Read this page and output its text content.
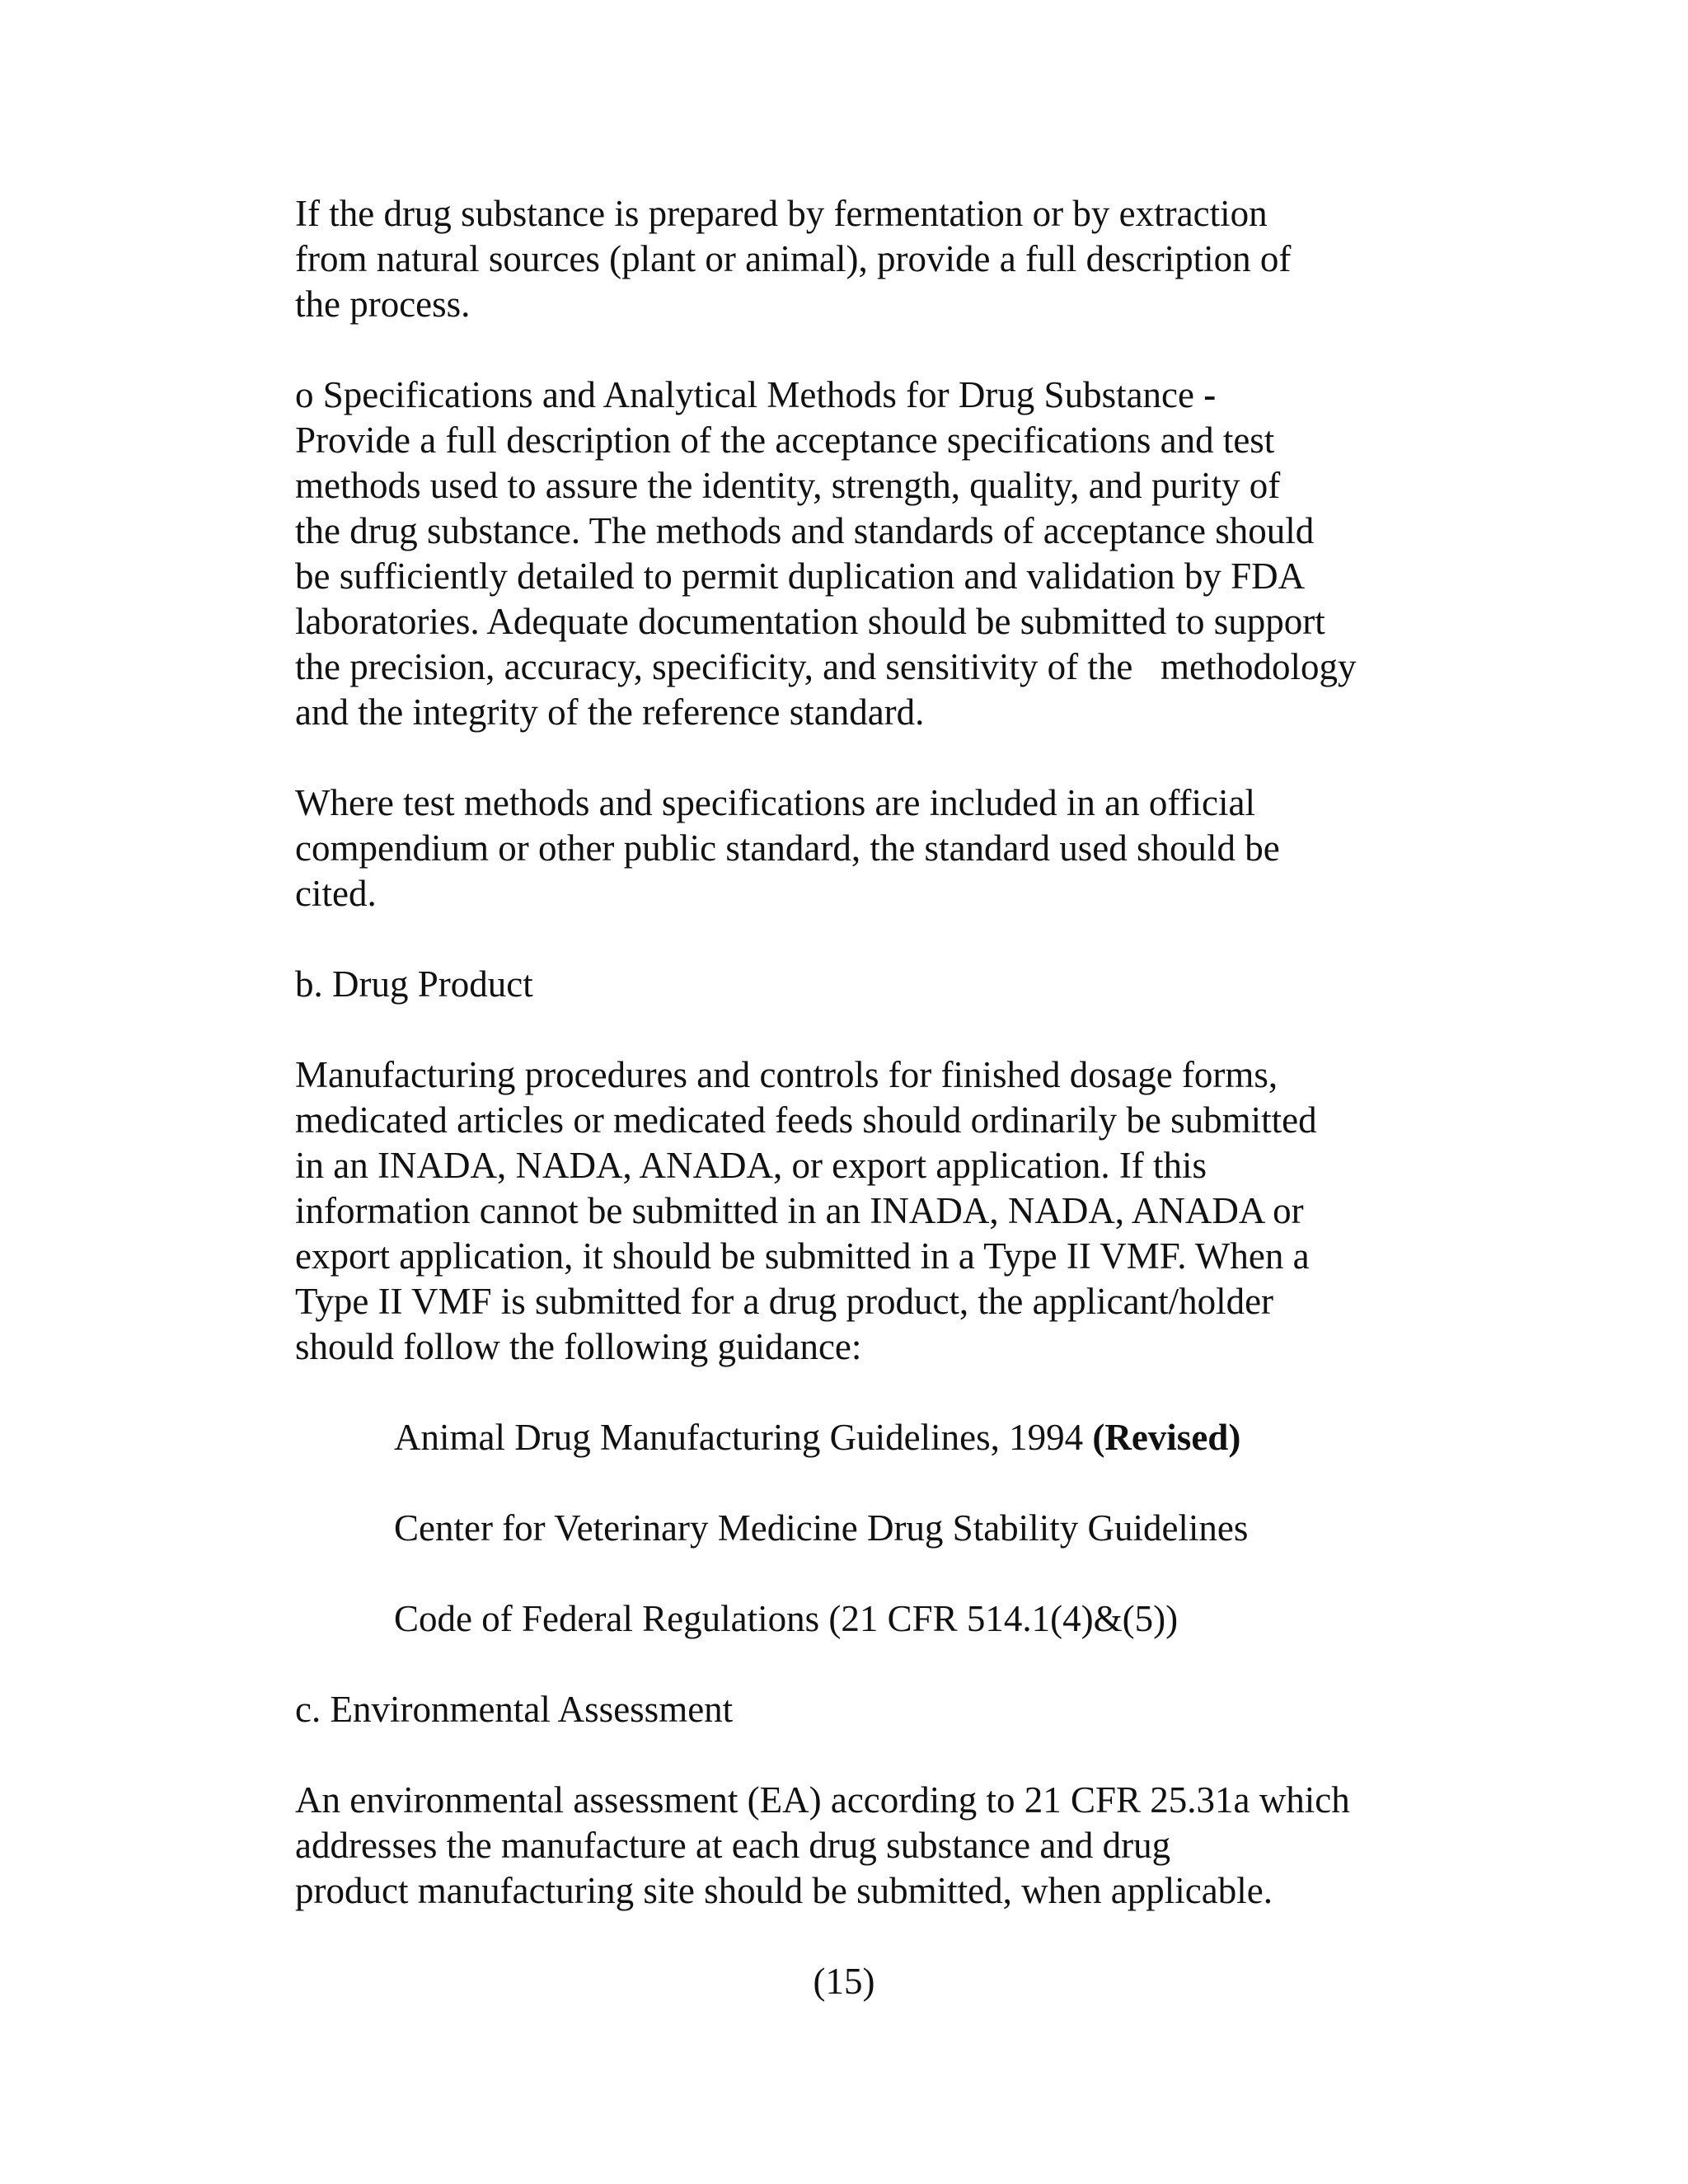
If the drug substance is prepared by fermentation or by extraction
from natural sources (plant or animal), provide a full description of
the process.
o Specifications and Analytical Methods for Drug Substance -
Provide a full description of the acceptance specifications and test
methods used to assure the identity, strength, quality, and purity of
the drug substance. The methods and standards of acceptance should
be sufficiently detailed to permit duplication and validation by FDA
laboratories. Adequate documentation should be submitted to support
the precision, accuracy, specificity, and sensitivity of the   methodology
and the integrity of the reference standard.
Where test methods and specifications are included in an official
compendium or other public standard, the standard used should be
cited.
b. Drug Product
Manufacturing procedures and controls for finished dosage forms,
medicated articles or medicated feeds should ordinarily be submitted
in an INADA, NADA, ANADA, or export application. If this
information cannot be submitted in an INADA, NADA, ANADA or
export application, it should be submitted in a Type II VMF. When a
Type II VMF is submitted for a drug product, the applicant/holder
should follow the following guidance:
Animal Drug Manufacturing Guidelines, 1994 (Revised)
Center for Veterinary Medicine Drug Stability Guidelines
Code of Federal Regulations (21 CFR 514.1(4)&(5))
c. Environmental Assessment
An environmental assessment (EA) according to 21 CFR 25.31a which
addresses the manufacture at each drug substance and drug
product manufacturing site should be submitted, when applicable.
(15)
